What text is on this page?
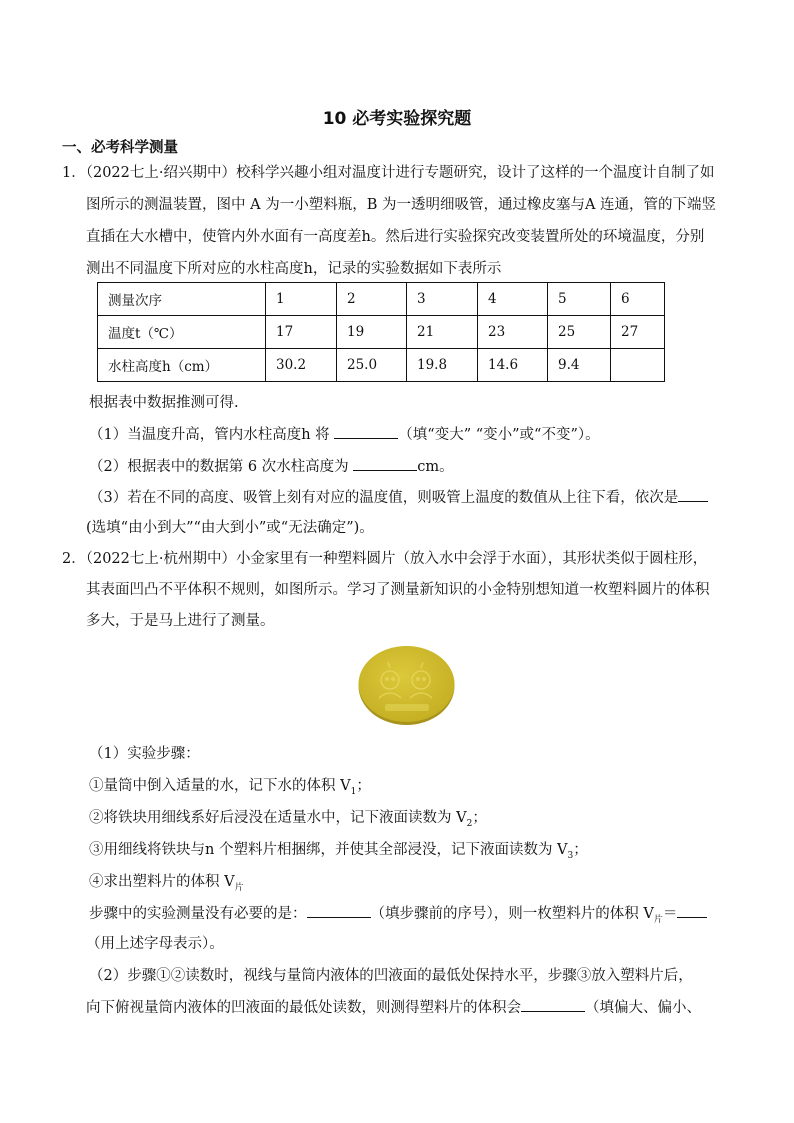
10 必考实验探究题
一、必考科学测量
1．（2022七上·绍兴期中）校科学兴趣小组对温度计进行专题研究，设计了这样的一个温度计自制了如
图所示的测温装置，图中 A 为一小塑料瓶，B 为一透明细吸管，通过橡皮塞与A 连通，管的下端竖
直插在大水槽中，使管内外水面有一高度差h。然后进行实验探究改变装置所处的环境温度，分别
测出不同温度下所对应的水柱高度h，记录的实验数据如下表所示
测量次序	1	2	3	4	5	6
温度t（℃）	17	19	21	23	25	27
水柱高度h（cm）	30.2	25.0	19.8	14.6	9.4	
根据表中数据推测可得.
（1）当温度升高，管内水柱高度h 将	（填“变大” “变小”或“不变”）。
（2）根据表中的数据第 6 次水柱高度为	cm。
（3）若在不同的高度、吸管上刻有对应的温度值，则吸管上温度的数值从上往下看，依次是
(选填“由小到大”“由大到小”或“无法确定”)。
2．（2022七上·杭州期中）小金家里有一种塑料圆片（放入水中会浮于水面），其形状类似于圆柱形，
其表面凹凸不平体积不规则，如图所示。学习了测量新知识的小金特别想知道一枚塑料圆片的体积
多大，于是马上进行了测量。
（1）实验步骤：
①量筒中倒入适量的水，记下水的体积 $V_1$；
②将铁块用细线系好后浸没在适量水中，记下液面读数为 $V_2$；
③用细线将铁块与n 个塑料片相捆绑，并使其全部浸没，记下液面读数为 $V_3$；
④求出塑料片的体积 $V_片$
步骤中的实验测量没有必要的是：	（填步骤前的序号），则一枚塑料片的体积 $V_片=$
（用上述字母表示）。
（2）步骤①②读数时，视线与量筒内液体的凹液面的最低处保持水平，步骤③放入塑料片后，
向下俯视量筒内液体的凹液面的最低处读数，则测得塑料片的体积会	（填偏大、偏小、
